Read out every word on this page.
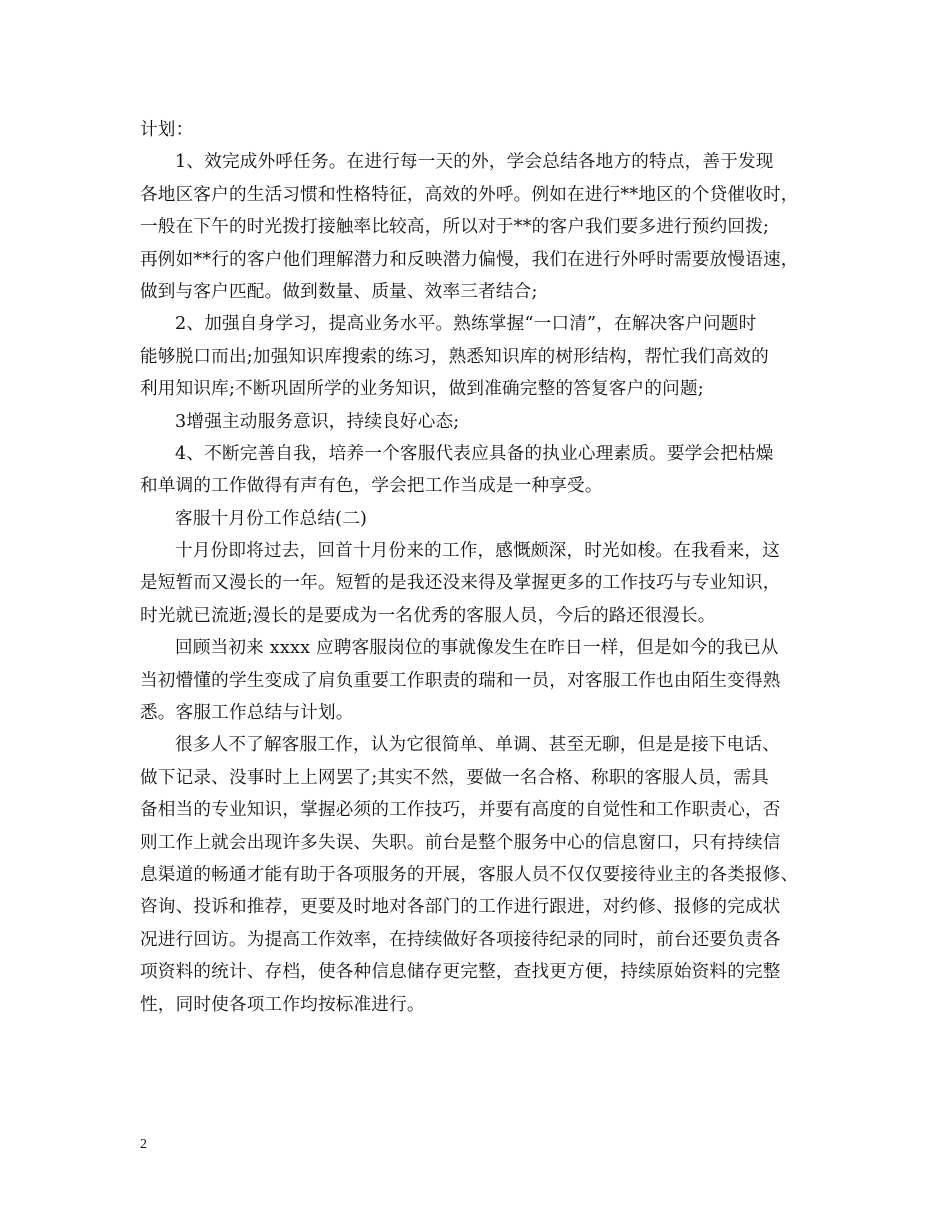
计划：
1、效完成外呼任务。在进行每一天的外，学会总结各地方的特点，善于发现
各地区客户的生活习惯和性格特征，高效的外呼。例如在进行**地区的个贷催收时，
一般在下午的时光拨打接触率比较高，所以对于**的客户我们要多进行预约回拨;
再例如**行的客户他们理解潜力和反映潜力偏慢，我们在进行外呼时需要放慢语速，
做到与客户匹配。做到数量、质量、效率三者结合;
2、加强自身学习，提高业务水平。熟练掌握“一口清”，在解决客户问题时
能够脱口而出;加强知识库搜索的练习，熟悉知识库的树形结构，帮忙我们高效的
利用知识库;不断巩固所学的业务知识，做到准确完整的答复客户的问题;
3增强主动服务意识，持续良好心态;
4、不断完善自我，培养一个客服代表应具备的执业心理素质。要学会把枯燥
和单调的工作做得有声有色，学会把工作当成是一种享受。
客服十月份工作总结(二)
十月份即将过去，回首十月份来的工作，感慨颇深，时光如梭。在我看来，这
是短暂而又漫长的一年。短暂的是我还没来得及掌握更多的工作技巧与专业知识，
时光就已流逝;漫长的是要成为一名优秀的客服人员，今后的路还很漫长。
回顾当初来 xxxx 应聘客服岗位的事就像发生在昨日一样，但是如今的我已从
当初懵懂的学生变成了肩负重要工作职责的瑞和一员，对客服工作也由陌生变得熟
悉。客服工作总结与计划。
很多人不了解客服工作，认为它很简单、单调、甚至无聊，但是是接下电话、
做下记录、没事时上上网罢了;其实不然，要做一名合格、称职的客服人员，需具
备相当的专业知识，掌握必须的工作技巧，并要有高度的自觉性和工作职责心，否
则工作上就会出现许多失误、失职。前台是整个服务中心的信息窗口，只有持续信
息渠道的畅通才能有助于各项服务的开展，客服人员不仅仅要接待业主的各类报修、
咨询、投诉和推荐，更要及时地对各部门的工作进行跟进，对约修、报修的完成状
况进行回访。为提高工作效率，在持续做好各项接待纪录的同时，前台还要负责各
项资料的统计、存档，使各种信息储存更完整，查找更方便，持续原始资料的完整
性，同时使各项工作均按标准进行。
2
